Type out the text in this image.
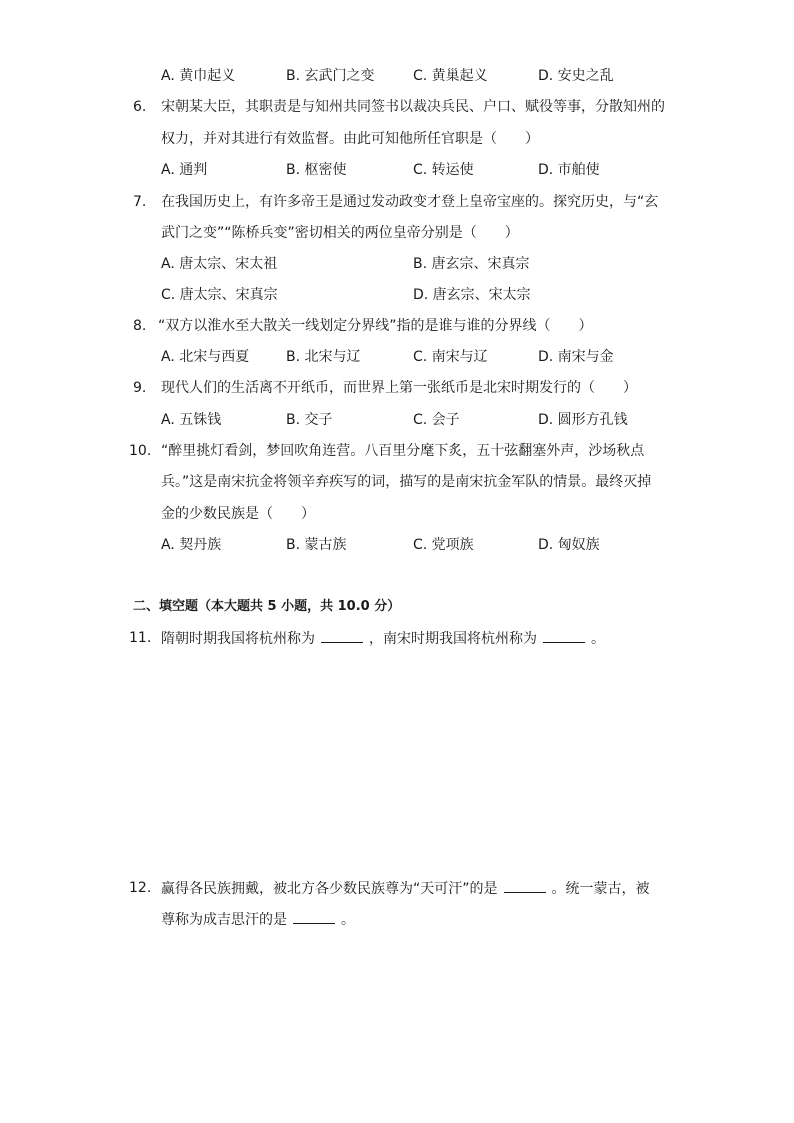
A. 黄巾起义	B. 玄武门之变	C. 黄巢起义	D. 安史之乱
6. 宋朝某大臣，其职责是与知州共同签书以裁决兵民、户口、赋役等事，分散知州的
权力，并对其进行有效监督。由此可知他所任官职是（　　）
A. 通判	B. 枢密使	C. 转运使	D. 市舶使
7. 在我国历史上，有许多帝王是通过发动政变才登上皇帝宝座的。探究历史，与“玄
武门之变”“陈桥兵变”密切相关的两位皇帝分别是（　　）
A. 唐太宗、宋太祖	B. 唐玄宗、宋真宗
C. 唐太宗、宋真宗	D. 唐玄宗、宋太宗
8. “双方以淮水至大散关一线划定分界线”指的是谁与谁的分界线（　　）
A. 北宋与西夏	B. 北宋与辽	C. 南宋与辽	D. 南宋与金
9. 现代人们的生活离不开纸币，而世界上第一张纸币是北宋时期发行的（　　）
A. 五铢钱	B. 交子	C. 会子	D. 圆形方孔钱
10. “醉里挑灯看剑，梦回吹角连营。八百里分麾下炙，五十弦翻塞外声，沙场秋点
兵。”这是南宋抗金将领辛弃疾写的词，描写的是南宋抗金军队的情景。最终灭掉
金的少数民族是（　　）
A. 契丹族	B. 蒙古族	C. 党项族	D. 匈奴族
二、填空题（本大题共 5 小题，共 10.0 分）
11. 隋朝时期我国将杭州称为	，南宋时期我国将杭州称为	。
12. 赢得各民族拥戴，被北方各少数民族尊为“天可汗”的是	。统一蒙古，被
尊称为成吉思汗的是	。
